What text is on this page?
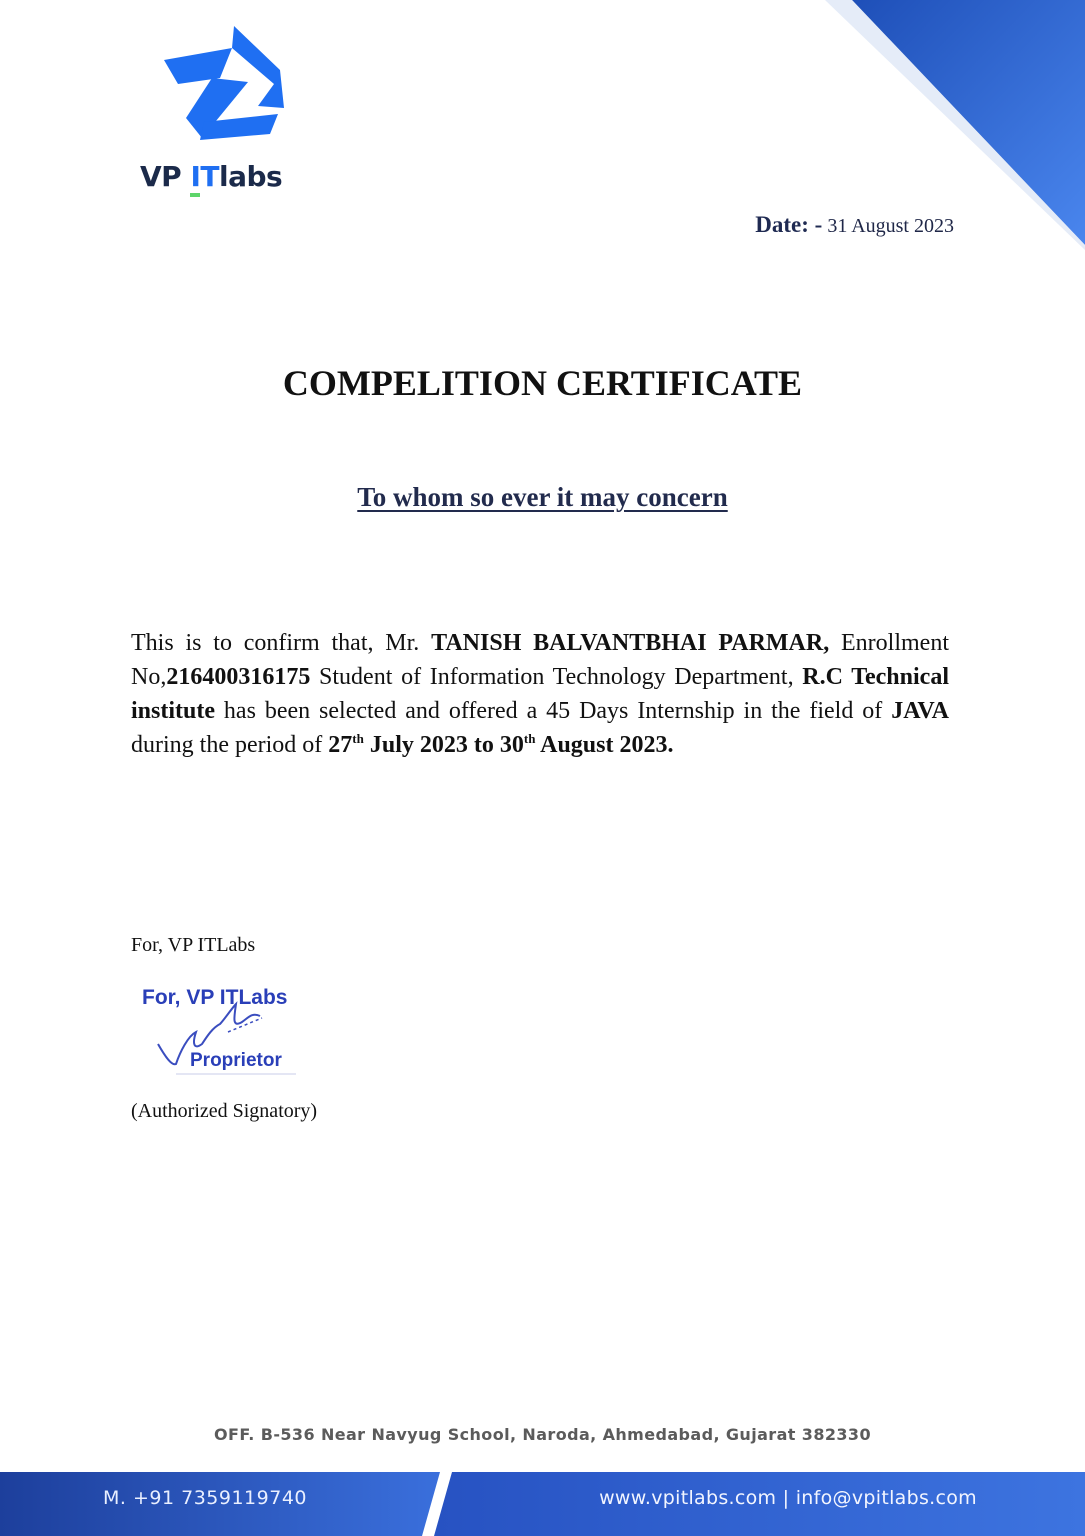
VP ITlabs
Date: - 31 August 2023
COMPELITION CERTIFICATE
To whom so ever it may concern
This is to confirm that, Mr. TANISH BALVANTBHAI PARMAR, Enrollment No,216400316175 Student of Information Technology Department, R.C Technical institute has been selected and offered a 45 Days Internship in the field of JAVA during the period of 27th July 2023 to 30th August 2023.
For, VP ITLabs
For, VP ITLabs
Proprietor
(Authorized Signatory)
OFF. B-536 Near Navyug School, Naroda, Ahmedabad, Gujarat 382330
M. +91 7359119740	www.vpitlabs.com | info@vpitlabs.com
